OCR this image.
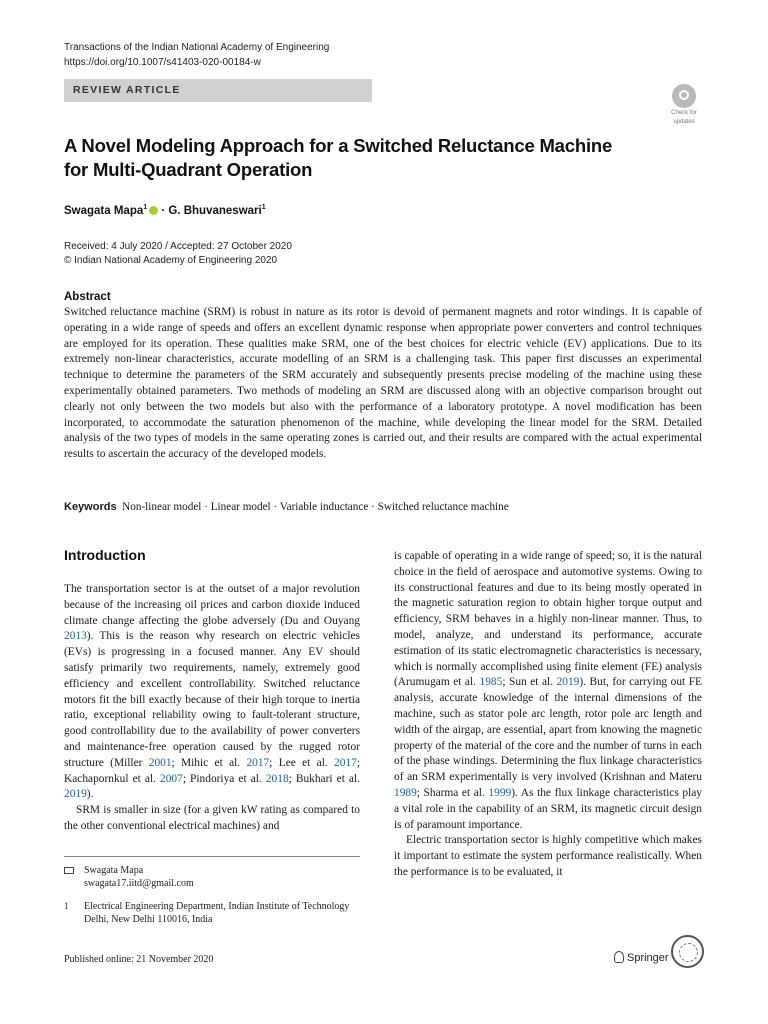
Transactions of the Indian National Academy of Engineering
https://doi.org/10.1007/s41403-020-00184-w
REVIEW ARTICLE
Check for
updates
A Novel Modeling Approach for a Switched Reluctance Machine
for Multi-Quadrant Operation
Swagata Mapa$^1$ · G. Bhuvaneswari$^1$
Received: 4 July 2020 / Accepted: 27 October 2020
© Indian National Academy of Engineering 2020
Abstract
Switched reluctance machine (SRM) is robust in nature as its rotor is devoid of permanent magnets and rotor windings. It is capable of operating in a wide range of speeds and offers an excellent dynamic response when appropriate power converters and control techniques are employed for its operation. These qualities make SRM, one of the best choices for electric vehicle (EV) applications. Due to its extremely non-linear characteristics, accurate modelling of an SRM is a challenging task. This paper first discusses an experimental technique to determine the parameters of the SRM accurately and subsequently presents precise modeling of the machine using these experimentally obtained parameters. Two methods of modeling an SRM are discussed along with an objective comparison brought out clearly not only between the two models but also with the performance of a laboratory prototype. A novel modification has been incorporated, to accommodate the saturation phenomenon of the machine, while developing the linear model for the SRM. Detailed analysis of the two types of models in the same operating zones is carried out, and their results are compared with the actual experimental results to ascertain the accuracy of the developed models.
Keywords Non-linear model · Linear model · Variable inductance · Switched reluctance machine
Introduction

The transportation sector is at the outset of a major revolution because of the increasing oil prices and carbon dioxide induced climate change affecting the globe adversely (Du and Ouyang 2013). This is the reason why research on electric vehicles (EVs) is progressing in a focused manner. Any EV should satisfy primarily two requirements, namely, extremely good efficiency and excellent controllability. Switched reluctance motors fit the bill exactly because of their high torque to inertia ratio, exceptional reliability owing to fault-tolerant structure, good controllability due to the availability of power converters and maintenance-free operation caused by the rugged rotor structure (Miller 2001; Mihic et al. 2017; Lee et al. 2017; Kachapornkul et al. 2007; Pindoriya et al. 2018; Bukhari et al. 2019).

SRM is smaller in size (for a given kW rating as compared to the other conventional electrical machines) and

is capable of operating in a wide range of speed; so, it is the natural choice in the field of aerospace and automotive systems. Owing to its constructional features and due to its being mostly operated in the magnetic saturation region to obtain higher torque output and efficiency, SRM behaves in a highly non-linear manner. Thus, to model, analyze, and understand its performance, accurate estimation of its static electromagnetic characteristics is necessary, which is normally accomplished using finite element (FE) analysis (Arumugam et al. 1985; Sun et al. 2019). But, for carrying out FE analysis, accurate knowledge of the internal dimensions of the machine, such as stator pole arc length, rotor pole arc length and width of the airgap, are essential, apart from knowing the magnetic property of the material of the core and the number of turns in each of the phase windings. Determining the flux linkage characteristics of an SRM experimentally is very involved (Krishnan and Materu 1989; Sharma et al. 1999). As the flux linkage characteristics play a vital role in the capability of an SRM, its magnetic circuit design is of paramount importance.

Electric transportation sector is highly competitive which makes it important to estimate the system performance realistically. When the performance is to be evaluated, it

Swagata Mapa
swagata17.iitd@gmail.com
1 Electrical Engineering Department, Indian Institute of Technology Delhi, New Delhi 110016, India
Published online: 21 November 2020	Springer
